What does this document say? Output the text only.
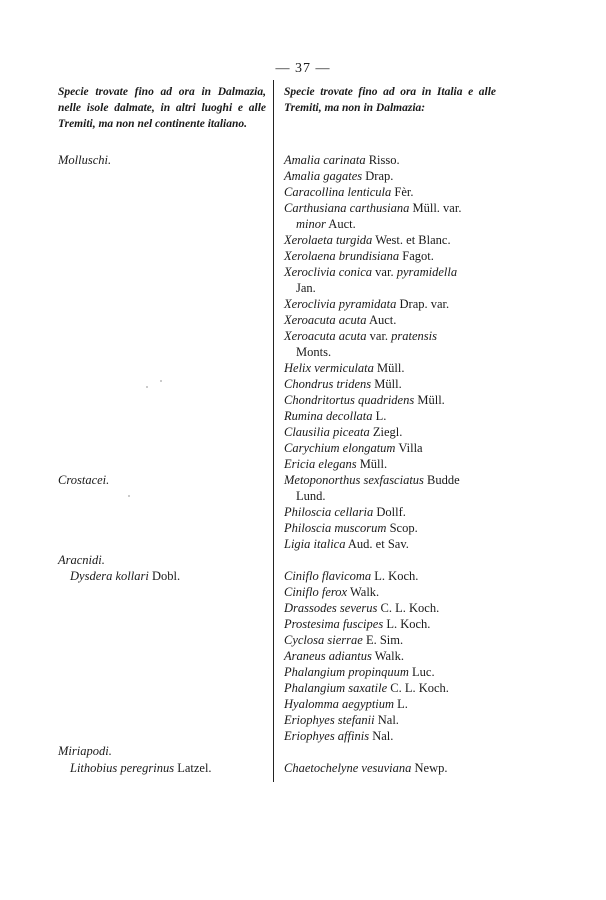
— 37 —
Specie trovate fino ad ora in Dalmazia, nelle isole dalmate, in altri luoghi e alle Tremiti, ma non nel continente italiano.
Molluschi.
Crostacei.
Aracnidi.
Dysdera kollari Dobl.
Miriapodi.
Lithobius peregrinus Latzel.
Specie trovate fino ad ora in Italia e alle Tremiti, ma non in Dalmazia:
Amalia carinata Risso.
Amalia gagates Drap.
Caracollina lenticula Fèr.
Carthusiana carthusiana Müll. var.
minor Auct.
Xerolaeta turgida West. et Blanc.
Xerolaena brundisiana Fagot.
Xeroclivia conica var. pyramidella
Jan.
Xeroclivia pyramidata Drap. var.
Xeroacuta acuta Auct.
Xeroacuta acuta var. pratensis
Monts.
Helix vermiculata Müll.
Chondrus tridens Müll.
Chondritortus quadridens Müll.
Rumina decollata L.
Clausilia piceata Ziegl.
Carychium elongatum Villa
Ericia elegans Müll.
Metoponorthus sexfasciatus Budde
Lund.
Philoscia cellaria Dollf.
Philoscia muscorum Scop.
Ligia italica Aud. et Sav.
Ciniflo flavicoma L. Koch.
Ciniflo ferox Walk.
Drassodes severus C. L. Koch.
Prostesima fuscipes L. Koch.
Cyclosa sierrae E. Sim.
Araneus adiantus Walk.
Phalangium propinquum Luc.
Phalangium saxatile C. L. Koch.
Hyalomma aegyptium L.
Eriophyes stefanii Nal.
Eriophyes affinis Nal.
Chaetochelyne vesuviana Newp.
